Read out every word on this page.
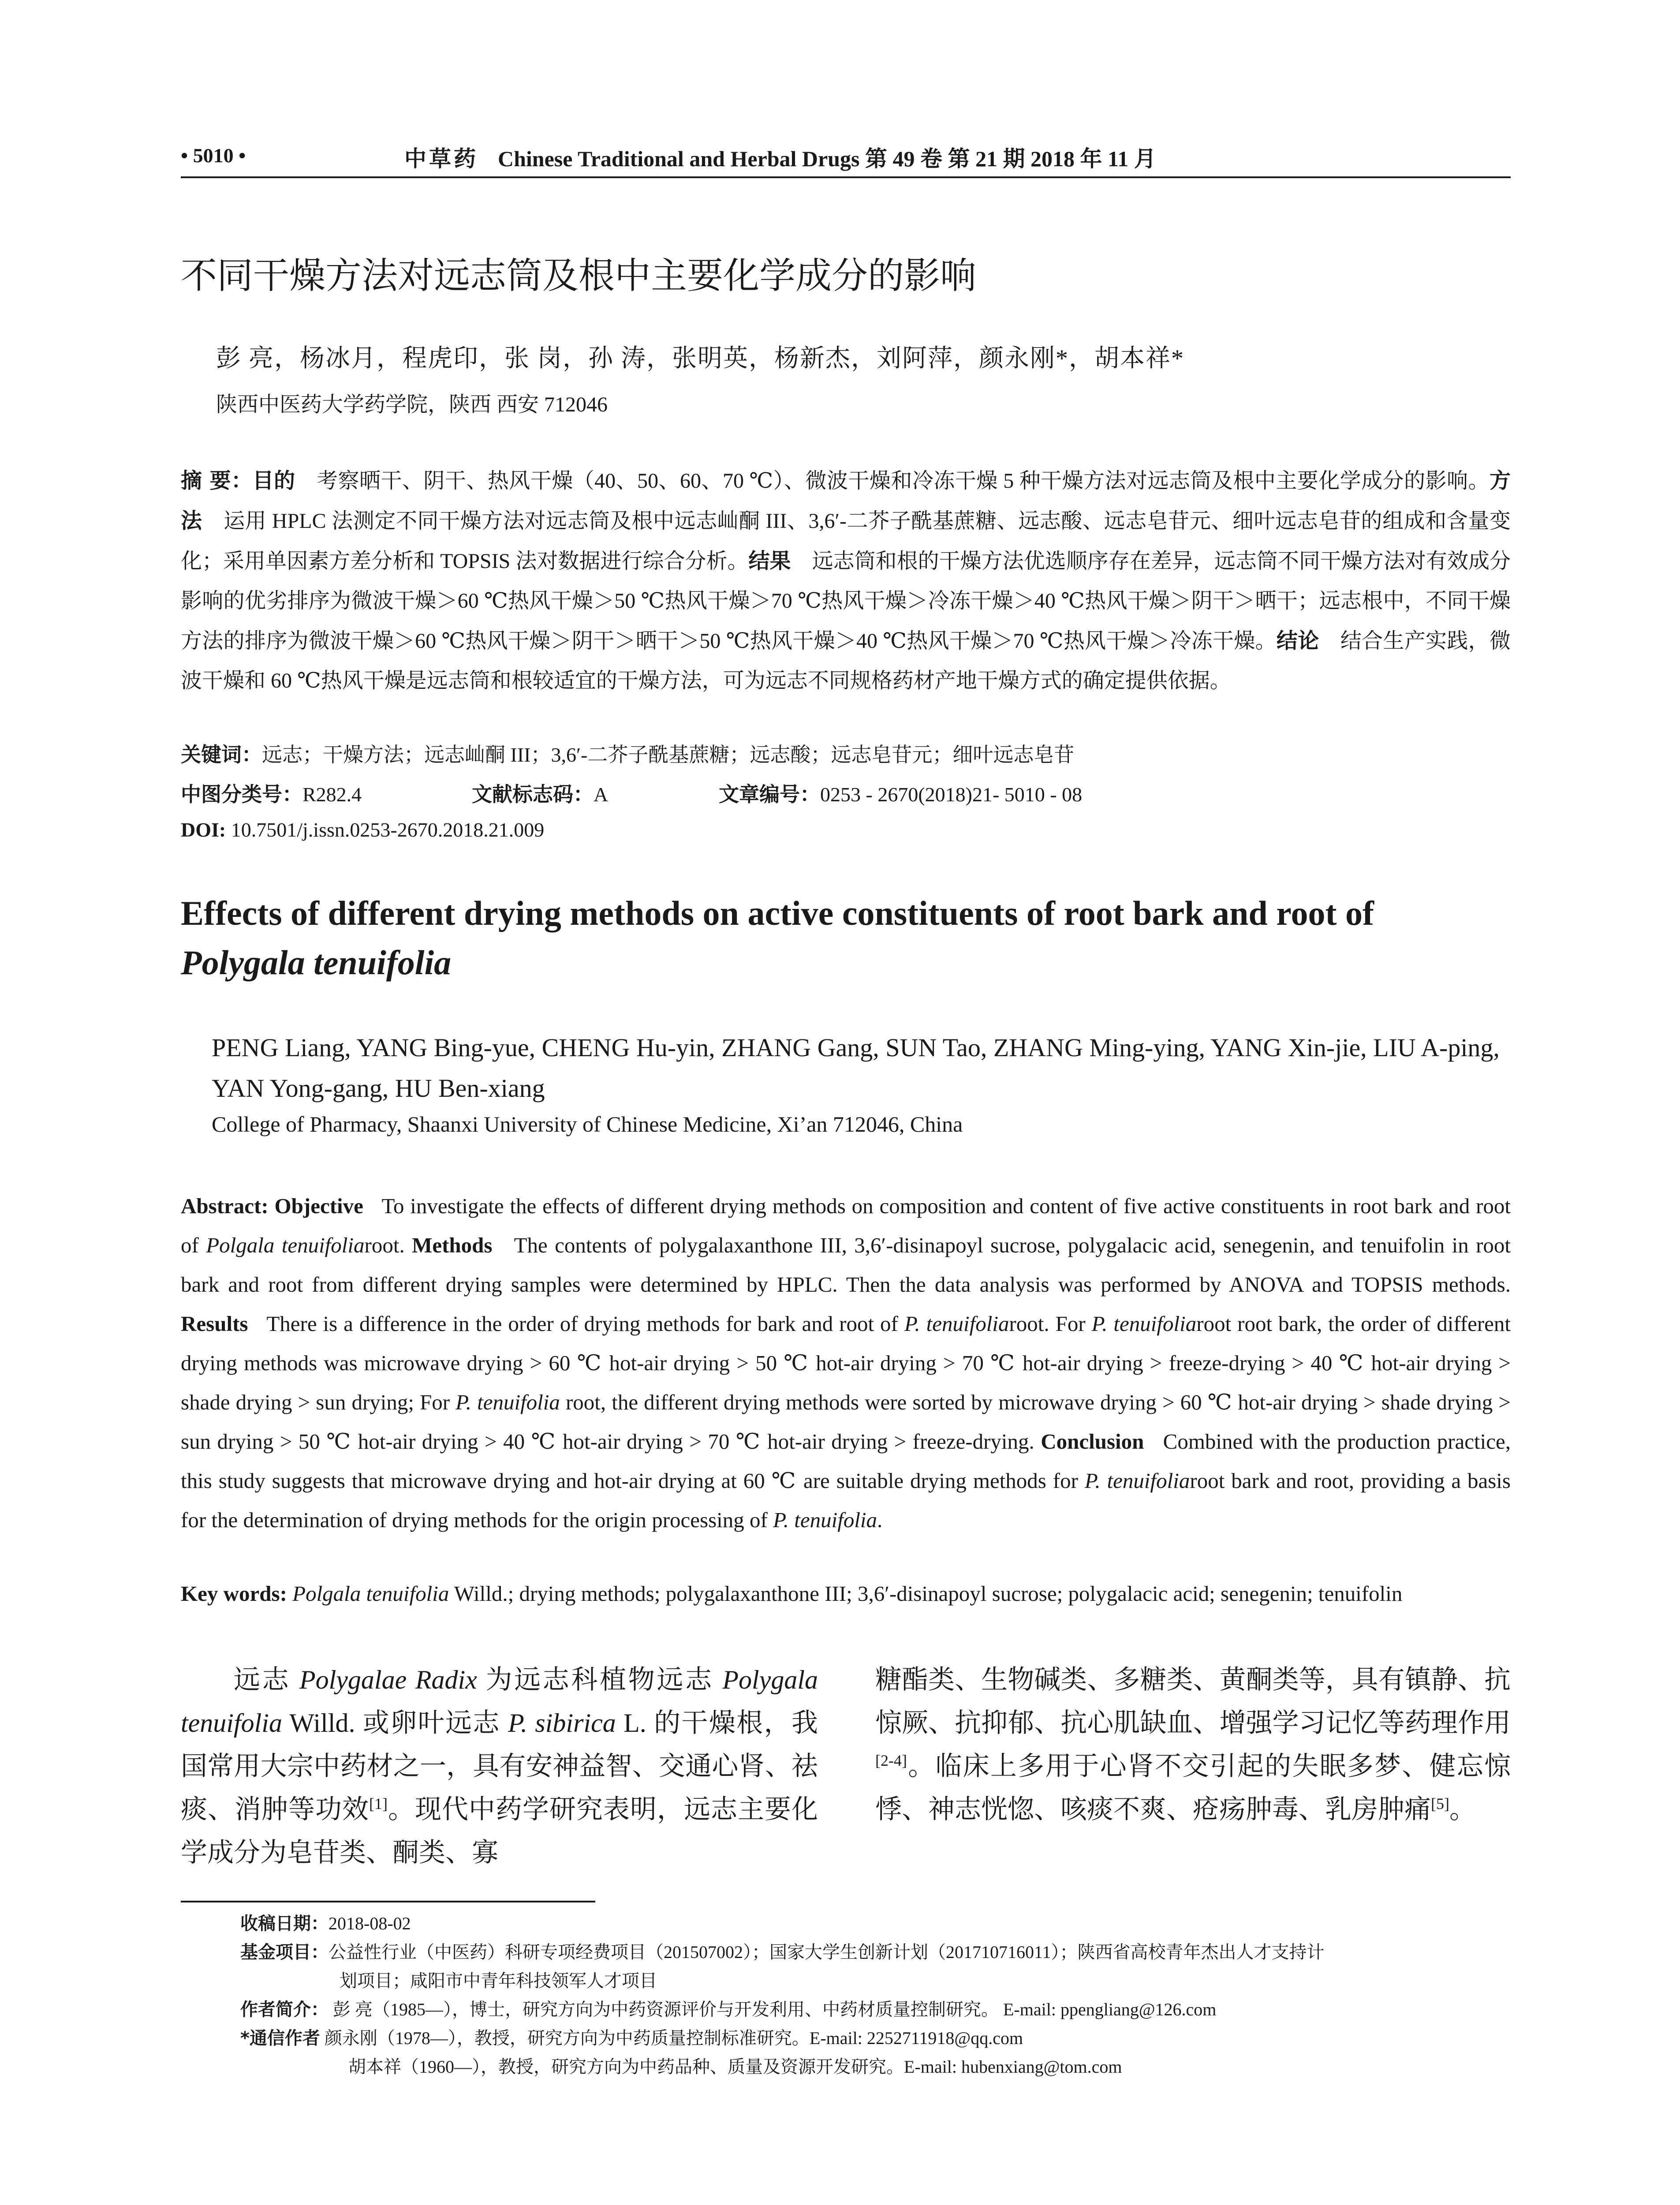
• 5010 •	中草药 Chinese Traditional and Herbal Drugs 第 49 卷 第 21 期 2018 年 11 月
不同干燥方法对远志筒及根中主要化学成分的影响
彭 亮，杨冰月，程虎印，张 岗，孙 涛，张明英，杨新杰，刘阿萍，颜永刚*，胡本祥*
陕西中医药大学药学院，陕西 西安 712046
摘 要：目的　 考察晒干、阴干、热风干燥（40、50、60、70 ℃）、微波干燥和冷冻干燥 5 种干燥方法对远志筒及根中主要化学成分的影响。方法　 运用 HPLC 法测定不同干燥方法对远志筒及根中远志屾酮 III、3,6′-二芥子酰基蔗糖、远志酸、远志皂苷元、细叶远志皂苷的组成和含量变化；采用单因素方差分析和 TOPSIS 法对数据进行综合分析。结果　 远志筒和根的干燥方法优选顺序存在差异，远志筒不同干燥方法对有效成分影响的优劣排序为微波干燥＞60 ℃热风干燥＞50 ℃热风干燥＞70 ℃热风干燥＞冷冻干燥＞40 ℃热风干燥＞阴干＞晒干；远志根中，不同干燥方法的排序为微波干燥＞60 ℃热风干燥＞阴干＞晒干＞50 ℃热风干燥＞40 ℃热风干燥＞70 ℃热风干燥＞冷冻干燥。结论　 结合生产实践，微波干燥和 60 ℃热风干燥是远志筒和根较适宜的干燥方法，可为远志不同规格药材产地干燥方式的确定提供依据。
关键词：远志；干燥方法；远志屾酮 III；3,6′-二芥子酰基蔗糖；远志酸；远志皂苷元；细叶远志皂苷
中图分类号：R282.4	文献标志码：A	文章编号：0253 - 2670(2018)21- 5010 - 08
DOI: 10.7501/j.issn.0253-2670.2018.21.009
Effects of different drying methods on active constituents of root bark and root of
Polygala tenuifolia
PENG Liang, YANG Bing-yue, CHENG Hu-yin, ZHANG Gang, SUN Tao, ZHANG Ming-ying, YANG Xin-jie, LIU A-ping, YAN Yong-gang, HU Ben-xiang
College of Pharmacy, Shaanxi University of Chinese Medicine, Xi’an 712046, China
Abstract: Objective To investigate the effects of different drying methods on composition and content of five active constituents in root bark and root of Polgala tenuifoliaroot. Methods The contents of polygalaxanthone III, 3,6′-disinapoyl sucrose, polygalacic acid, senegenin, and tenuifolin in root bark and root from different drying samples were determined by HPLC. Then the data analysis was performed by ANOVA and TOPSIS methods. Results There is a difference in the order of drying methods for bark and root of P. tenuifoliaroot. For P. tenuifoliaroot root bark, the order of different drying methods was microwave drying > 60 ℃ hot-air drying > 50 ℃ hot-air drying > 70 ℃ hot-air drying > freeze-drying > 40 ℃ hot-air drying > shade drying > sun drying; For P. tenuifolia root, the different drying methods were sorted by microwave drying > 60 ℃ hot-air drying > shade drying > sun drying > 50 ℃ hot-air drying > 40 ℃ hot-air drying > 70 ℃ hot-air drying > freeze-drying. Conclusion Combined with the production practice, this study suggests that microwave drying and hot-air drying at 60 ℃ are suitable drying methods for P. tenuifoliaroot bark and root, providing a basis for the determination of drying methods for the origin processing of P. tenuifolia.
Key words: Polgala tenuifolia Willd.; drying methods; polygalaxanthone III; 3,6′-disinapoyl sucrose; polygalacic acid; senegenin; tenuifolin
远志 Polygalae Radix 为远志科植物远志 Polygala tenuifolia Willd. 或卵叶远志 P. sibirica L. 的干燥根，我国常用大宗中药材之一，具有安神益智、交通心肾、祛痰、消肿等功效[1]。现代中药学研究表明，远志主要化学成分为皂苷类、酮类、寡
糖酯类、生物碱类、多糖类、黄酮类等，具有镇静、抗惊厥、抗抑郁、抗心肌缺血、增强学习记忆等药理作用[2-4]。临床上多用于心肾不交引起的失眠多梦、健忘惊悸、神志恍惚、咳痰不爽、疮疡肿毒、乳房肿痛[5]。
收稿日期：2018-08-02
基金项目：公益性行业（中医药）科研专项经费项目（201507002）；国家大学生创新计划（201710716011）；陕西省高校青年杰出人才支持计
划项目；咸阳市中青年科技领军人才项目
作者简介： 彭 亮（1985—），博士，研究方向为中药资源评价与开发利用、中药材质量控制研究。 E-mail: ppengliang@126.com
*通信作者 颜永刚（1978—），教授，研究方向为中药质量控制标准研究。E-mail: 2252711918@qq.com
胡本祥（1960—），教授，研究方向为中药品种、质量及资源开发研究。E-mail: hubenxiang@tom.com
